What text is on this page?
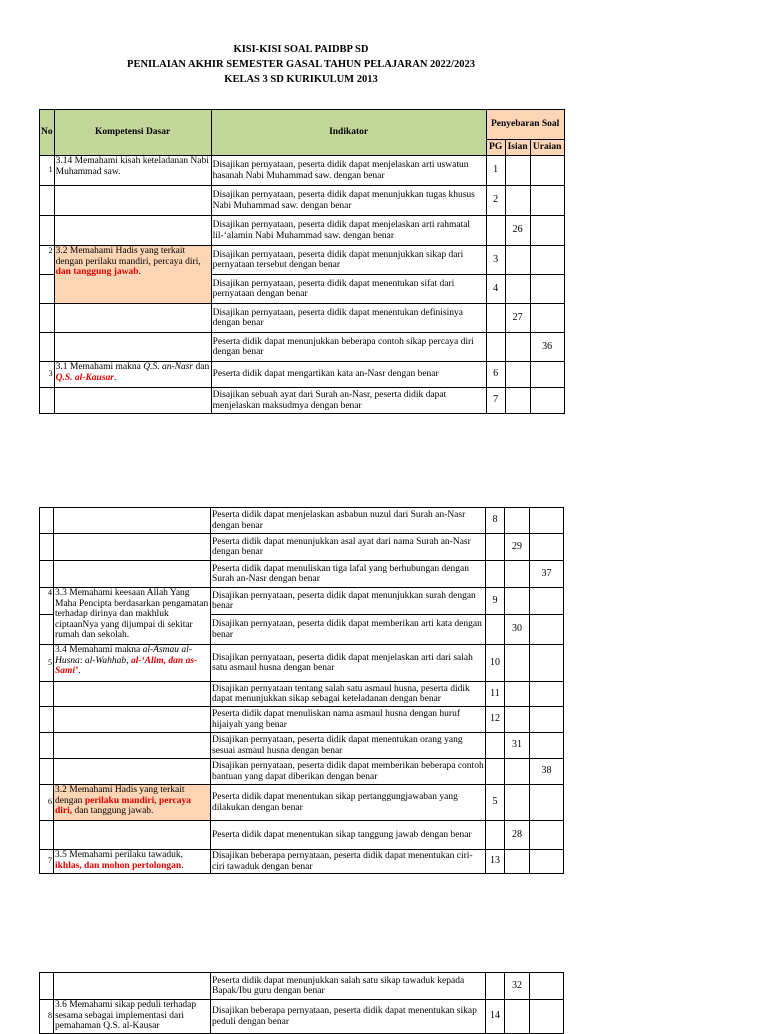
KISI-KISI SOAL PAIDBP SD
PENILAIAN AKHIR SEMESTER GASAL TAHUN PELAJARAN 2022/2023
KELAS 3 SD KURIKULUM 2013
No	Kompetensi Dasar	Indikator	Penyebaran Soal		
			PG	Isian	Uraian
1	3.14 Memahami kisah keteladanan Nabi Muhammad saw.	Disajikan pernyataan, peserta didik dapat menjelaskan arti uswatun hasanah Nabi Muhammad saw. dengan benar	1		
		Disajikan pernyataan, peserta didik dapat menunjukkan tugas khusus Nabi Muhammad saw. dengan benar	2		
		Disajikan pernyataan, peserta didik dapat menjelaskan arti rahmatal lil-‘alamin Nabi Muhammad saw. dengan benar		26	
2	3.2 Memahami Hadis yang terkait dengan perilaku mandiri, percaya diri, dan tanggung jawab.	Disajikan pernyataan, peserta didik dapat menunjukkan sikap dari pernyataan tersebut dengan benar	3		
		Disajikan pernyataan, peserta didik dapat menentukan sifat dari pernyataan dengan benar	4		
		Disajikan pernyataan, peserta didik dapat menentukan definisinya dengan benar		27	
		Peserta didik dapat menunjukkan beberapa contoh sikap percaya diri dengan benar			36
3	3.1 Memahami makna Q.S. an-Nasr dan Q.S. al-Kausar.	Peserta didik dapat mengartikan kata an-Nasr dengan benar	6		
		Disajikan sebuah ayat dari Surah an-Nasr, peserta didik dapat menjelaskan maksudmya dengan benar	7		
		Peserta didik dapat menjelaskan asbabun nuzul dari Surah an-Nasr dengan benar	8		
		Peserta didik dapat menunjukkan asal ayat dari nama Surah an-Nasr dengan benar		29	
		Peserta didik dapat menuliskan tiga lafal yang berhubungan dengan Surah an-Nasr dengan benar			37
4	3.3 Memahami keesaan Allah Yang Maha Pencipta berdasarkan pengamatan terhadap dirinya dan makhluk ciptaanNya yang dijumpai di sekitar rumah dan sekolah.	Disajikan pernyataan, peserta didik dapat menunjukkan surah dengan benar	9		
		Disajikan pernyataan, peserta didik dapat memberikan arti kata dengan benar		30	
5	3.4 Memahami makna al-Asmau al-Husna: al-Wahhab, al-‘Alim, dan as-Sami’.	Disajikan pernyataan, peserta didik dapat menjelaskan arti dari salah satu asmaul husna dengan benar	10		
		Disajikan pernyataan tentang salah satu asmaul husna, peserta didik dapat menunjukkan sikap sebagai keteladanan dengan benar	11		
		Peserta didik dapat menuliskan nama asmaul husna dengan huruf hijaiyah yang benar	12		
		Disajikan pernyataan, peserta didik dapat menentukan orang yang sesuai asmaul husna dengan benar		31	
		Disajikan pernyataan, peserta didik dapat memberikan beberapa contoh bantuan yang dapat diberikan dengan benar			38
6	3.2 Memahami Hadis yang terkait dengan perilaku mandiri, percaya diri, dan tanggung jawab.	Peserta didik dapat menentukan sikap pertanggungjawaban yang dilakukan dengan benar	5		
		Peserta didik dapat menentukan sikap tanggung jawab dengan benar		28	
7	3.5 Memahami perilaku tawaduk, ikhlas, dan mohon pertolongan.	Disajikan beberapa pernyataan, peserta didik dapat menentukan ciri-ciri tawaduk dengan benar	13		
		Peserta didik dapat menunjukkan salah satu sikap tawaduk kepada Bapak/Ibu guru dengan benar		32	
8	3.6 Memahami sikap peduli terhadap sesama sebagai implementasi dari pemahaman Q.S. al-Kausar	Disajikan beberapa pernyataan, peserta didik dapat menentukan sikap peduli dengan benar	14		
